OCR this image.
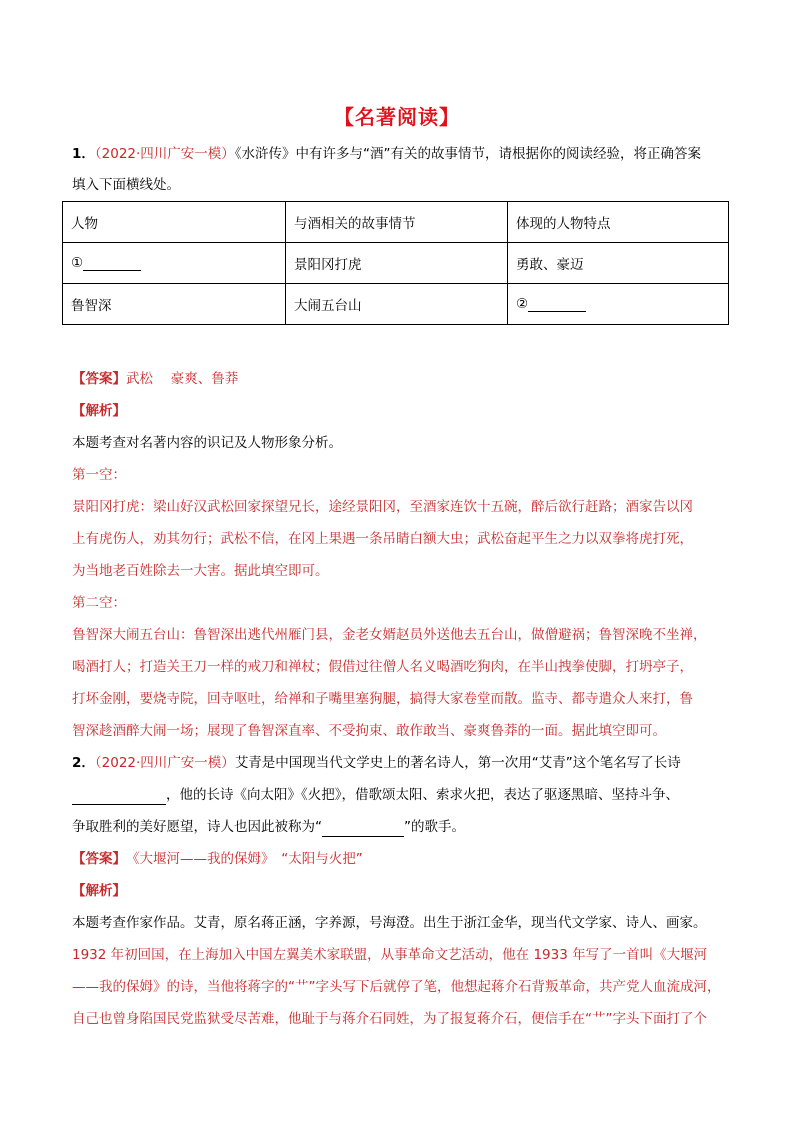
【名著阅读】
1．（2022·四川广安一模）《水浒传》中有许多与“酒”有关的故事情节，请根据你的阅读经验，将正确答案
填入下面横线处。
人物	与酒相关的故事情节	体现的人物特点
①	景阳冈打虎	勇敢、豪迈
鲁智深	大闹五台山	②
【答案】武松　 豪爽、鲁莽
【解析】
本题考查对名著内容的识记及人物形象分析。
第一空：
景阳冈打虎：梁山好汉武松回家探望兄长，途经景阳冈，至酒家连饮十五碗，醉后欲行赶路；酒家告以冈
上有虎伤人，劝其勿行；武松不信，在冈上果遇一条吊睛白额大虫；武松奋起平生之力以双拳将虎打死，
为当地老百姓除去一大害。据此填空即可。
第二空：
鲁智深大闹五台山：鲁智深出逃代州雁门县，金老女婿赵员外送他去五台山，做僧避祸；鲁智深晚不坐禅，
喝酒打人；打造关王刀一样的戒刀和禅杖；假借过往僧人名义喝酒吃狗肉，在半山拽拳使脚，打坍亭子，
打坏金刚，要烧寺院，回寺呕吐，给禅和子嘴里塞狗腿，搞得大家卷堂而散。监寺、都寺遣众人来打，鲁
智深趁酒醉大闹一场；展现了鲁智深直率、不受拘束、敢作敢当、豪爽鲁莽的一面。据此填空即可。
2．（2022·四川广安一模）艾青是中国现当代文学史上的著名诗人，第一次用“艾青”这个笔名写了长诗
，他的长诗《向太阳》《火把》，借歌颂太阳、索求火把，表达了驱逐黑暗、坚持斗争、
争取胜利的美好愿望，诗人也因此被称为“	”的歌手。
【答案】　《大堰河——我的保姆》　“太阳与火把”
【解析】
本题考查作家作品。艾青，原名蒋正涵，字养源，号海澄。出生于浙江金华，现当代文学家、诗人、画家。
1932 年初回国，在上海加入中国左翼美术家联盟，从事革命文艺活动，他在 1933 年写了一首叫《大堰河
——我的保姆》的诗，当他将蒋字的“艹”字头写下后就停了笔，他想起蒋介石背叛革命，共产党人血流成河，
自己也曾身陷国民党监狱受尽苦难，他耻于与蒋介石同姓，为了报复蒋介石，便信手在“艹”字头下面打了个
